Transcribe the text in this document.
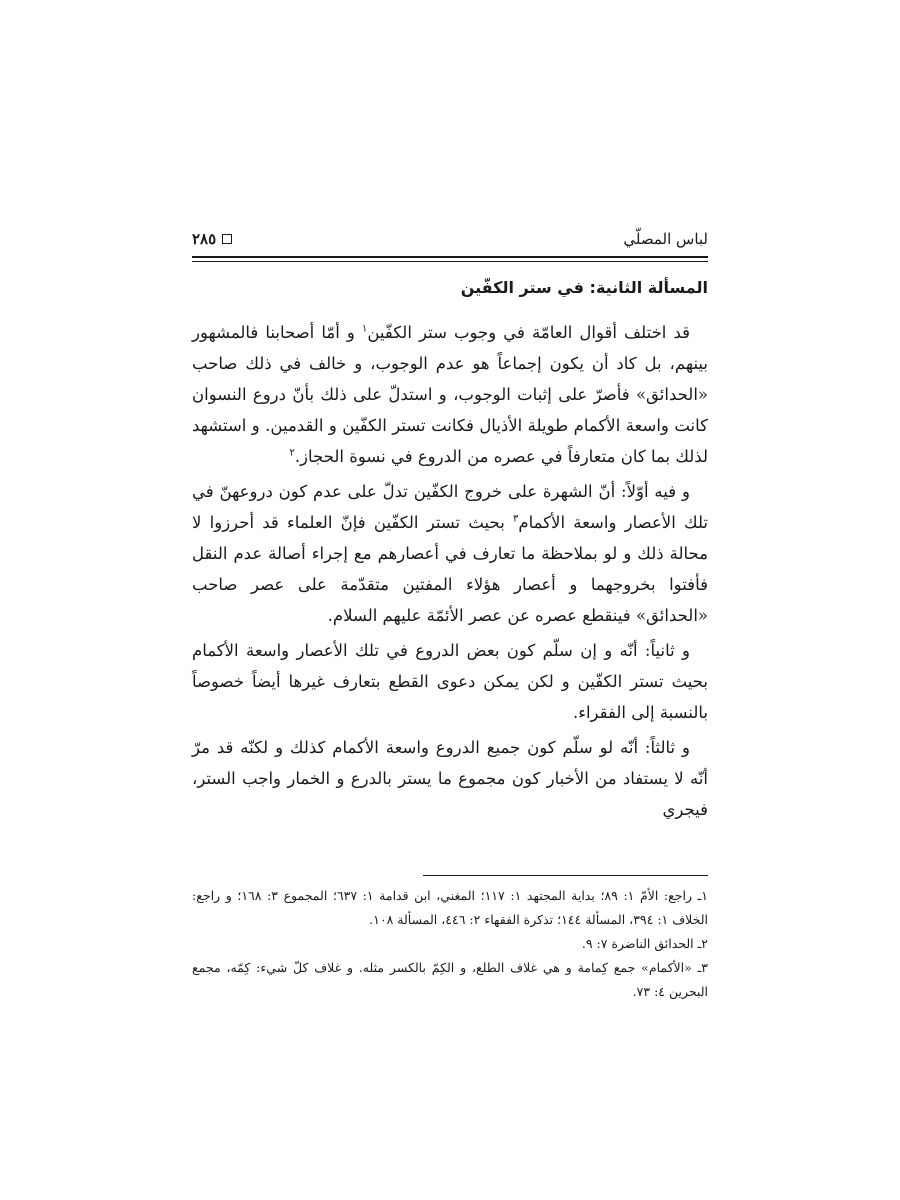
لباس المصلّي
٢٨٥
المسألة الثانية: في ستر الكفّين

قد اختلف أقوال العامّة في وجوب ستر الكفّين$^١$ و أمّا أصحابنا فالمشهور بينهم، بل كاد أن يكون إجماعاً هو عدم الوجوب، و خالف في ذلك صاحب «الحدائق» فأصرّ على إثبات الوجوب، و استدلّ على ذلك بأنّ دروع النسوان كانت واسعة الأكمام طويلة الأذيال فكانت تستر الكفّين و القدمين. و استشهد لذلك بما كان متعارفاً في عصره من الدروع في نسوة الحجاز.$^٢$

و فيه أوّلاً: أنّ الشهرة على خروج الكفّين تدلّ على عدم كون دروعهنّ في تلك الأعصار واسعة الأكمام$^٣$ بحيث تستر الكفّين فإنّ العلماء قد أحرزوا لا محالة ذلك و لو بملاحظة ما تعارف في أعصارهم مع إجراء أصالة عدم النقل فأفتوا بخروجهما و أعصار هؤلاء المفتين متقدّمة على عصر صاحب «الحدائق» فينقطع عصره عن عصر الأئمّة عليهم السلام.

و ثانياً: أنّه و إن سلّم كون بعض الدروع في تلك الأعصار واسعة الأكمام بحيث تستر الكفّين و لكن يمكن دعوى القطع بتعارف غيرها أيضاً خصوصاً بالنسبة إلى الفقراء.

و ثالثاً: أنّه لو سلّم كون جميع الدروع واسعة الأكمام كذلك و لكنّه قد مرّ أنّه لا يستفاد من الأخبار كون مجموع ما يستر بالدرع و الخمار واجب الستر، فيجري

١ـ راجع: الأمّ ١: ٨٩؛ بداية المجتهد ١: ١١٧؛ المغني، ابن قدامة ١: ٦٣٧؛ المجموع ٣: ١٦٨؛ و راجع: الخلاف ١: ٣٩٤، المسألة ١٤٤؛ تذكرة الفقهاء ٢: ٤٤٦، المسألة ١٠٨.

٢ـ الحدائق الناضرة ٧: ٩.

٣ـ «الأكمام» جمع كِمامة و هي غلاف الطلع، و الكِمّ بالكسر مثله. و غلاف كلّ شيء: كِمّه، مجمع البحرين ٤: ٧٣.
